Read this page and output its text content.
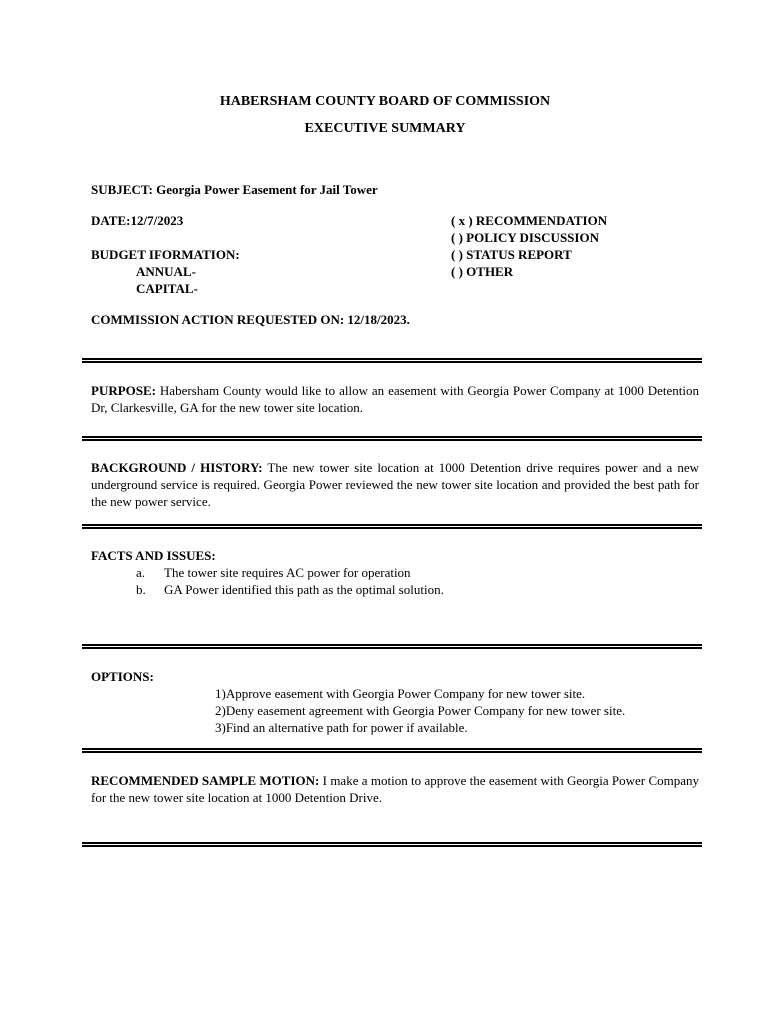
HABERSHAM COUNTY BOARD OF COMMISSION
EXECUTIVE SUMMARY
SUBJECT: Georgia Power Easement for Jail Tower
DATE:12/7/2023
BUDGET IFORMATION:
ANNUAL-
CAPITAL-
( x ) RECOMMENDATION
( ) POLICY DISCUSSION
( ) STATUS REPORT
( ) OTHER
COMMISSION ACTION REQUESTED ON: 12/18/2023.
PURPOSE: Habersham County would like to allow an easement with Georgia Power Company at 1000 Detention Dr, Clarkesville, GA for the new tower site location.
BACKGROUND / HISTORY: The new tower site location at 1000 Detention drive requires power and a new underground service is required. Georgia Power reviewed the new tower site location and provided the best path for the new power service.
FACTS AND ISSUES:
a. The tower site requires AC power for operation
b. GA Power identified this path as the optimal solution.
OPTIONS:
1)Approve easement with Georgia Power Company for new tower site.
2)Deny easement agreement with Georgia Power Company for new tower site.
3)Find an alternative path for power if available.
RECOMMENDED SAMPLE MOTION: I make a motion to approve the easement with Georgia Power Company for the new tower site location at 1000 Detention Drive.
